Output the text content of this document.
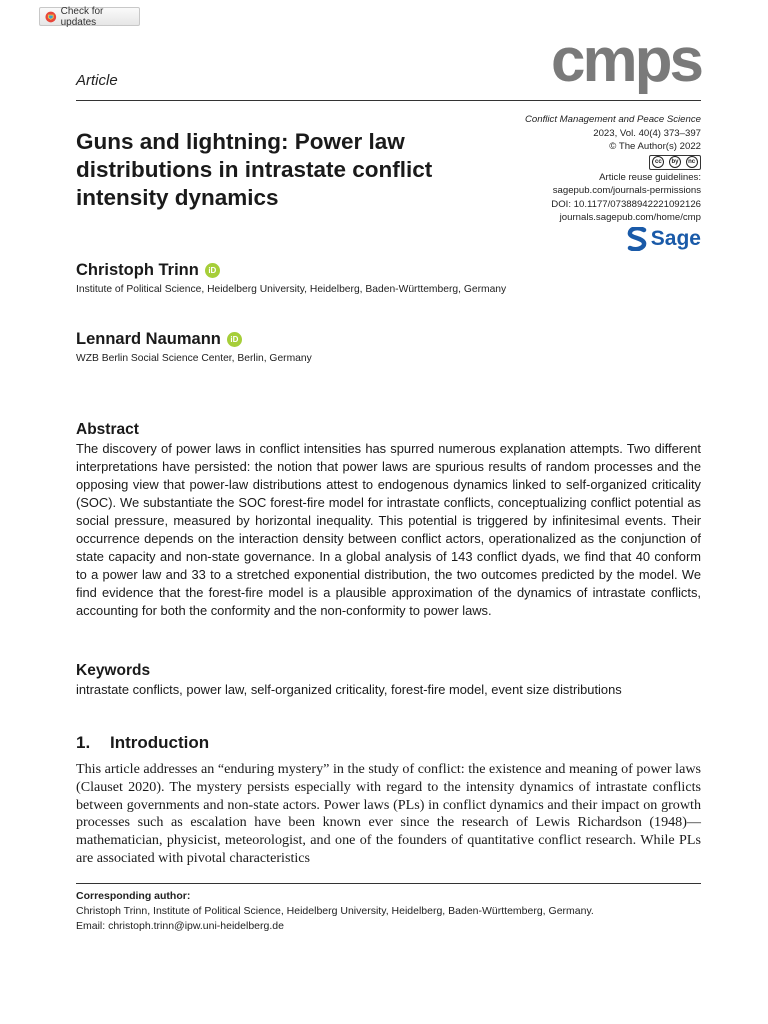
Check for updates
cmps
Article
Guns and lightning: Power law distributions in intrastate conflict intensity dynamics
Conflict Management and Peace Science
2023, Vol. 40(4) 373–397
© The Author(s) 2022
cc	by	nc
Article reuse guidelines:
sagepub.com/journals-permissions
DOI: 10.1177/07388942221092126
journals.sagepub.com/home/cmp
Sage
Christoph Trinn	iD
Institute of Political Science, Heidelberg University, Heidelberg, Baden-Württemberg, Germany
Lennard Naumann	iD
WZB Berlin Social Science Center, Berlin, Germany
Abstract
The discovery of power laws in conflict intensities has spurred numerous explanation attempts. Two different interpretations have persisted: the notion that power laws are spurious results of random processes and the opposing view that power-law distributions attest to endogenous dynamics linked to self-organized criticality (SOC). We substantiate the SOC forest-fire model for intrastate conflicts, conceptualizing conflict potential as social pressure, measured by horizontal inequality. This potential is triggered by infinitesimal events. Their occurrence depends on the interaction density between conflict actors, operationalized as the conjunction of state capacity and non-state governance. In a global analysis of 143 conflict dyads, we find that 40 conform to a power law and 33 to a stretched exponential distribution, the two outcomes predicted by the model. We find evidence that the forest-fire model is a plausible approximation of the dynamics of intrastate conflicts, accounting for both the conformity and the non-conformity to power laws.
Keywords
intrastate conflicts, power law, self-organized criticality, forest-fire model, event size distributions
1. Introduction
This article addresses an “enduring mystery” in the study of conflict: the existence and meaning of power laws (Clauset 2020). The mystery persists especially with regard to the intensity dynamics of intrastate conflicts between governments and non-state actors. Power laws (PLs) in conflict dynamics and their impact on growth processes such as escalation have been known ever since the research of Lewis Richardson (1948)—mathematician, physicist, meteorologist, and one of the founders of quantitative conflict research. While PLs are associated with pivotal characteristics
Corresponding author:
Christoph Trinn, Institute of Political Science, Heidelberg University, Heidelberg, Baden-Württemberg, Germany.
Email: christoph.trinn@ipw.uni-heidelberg.de
